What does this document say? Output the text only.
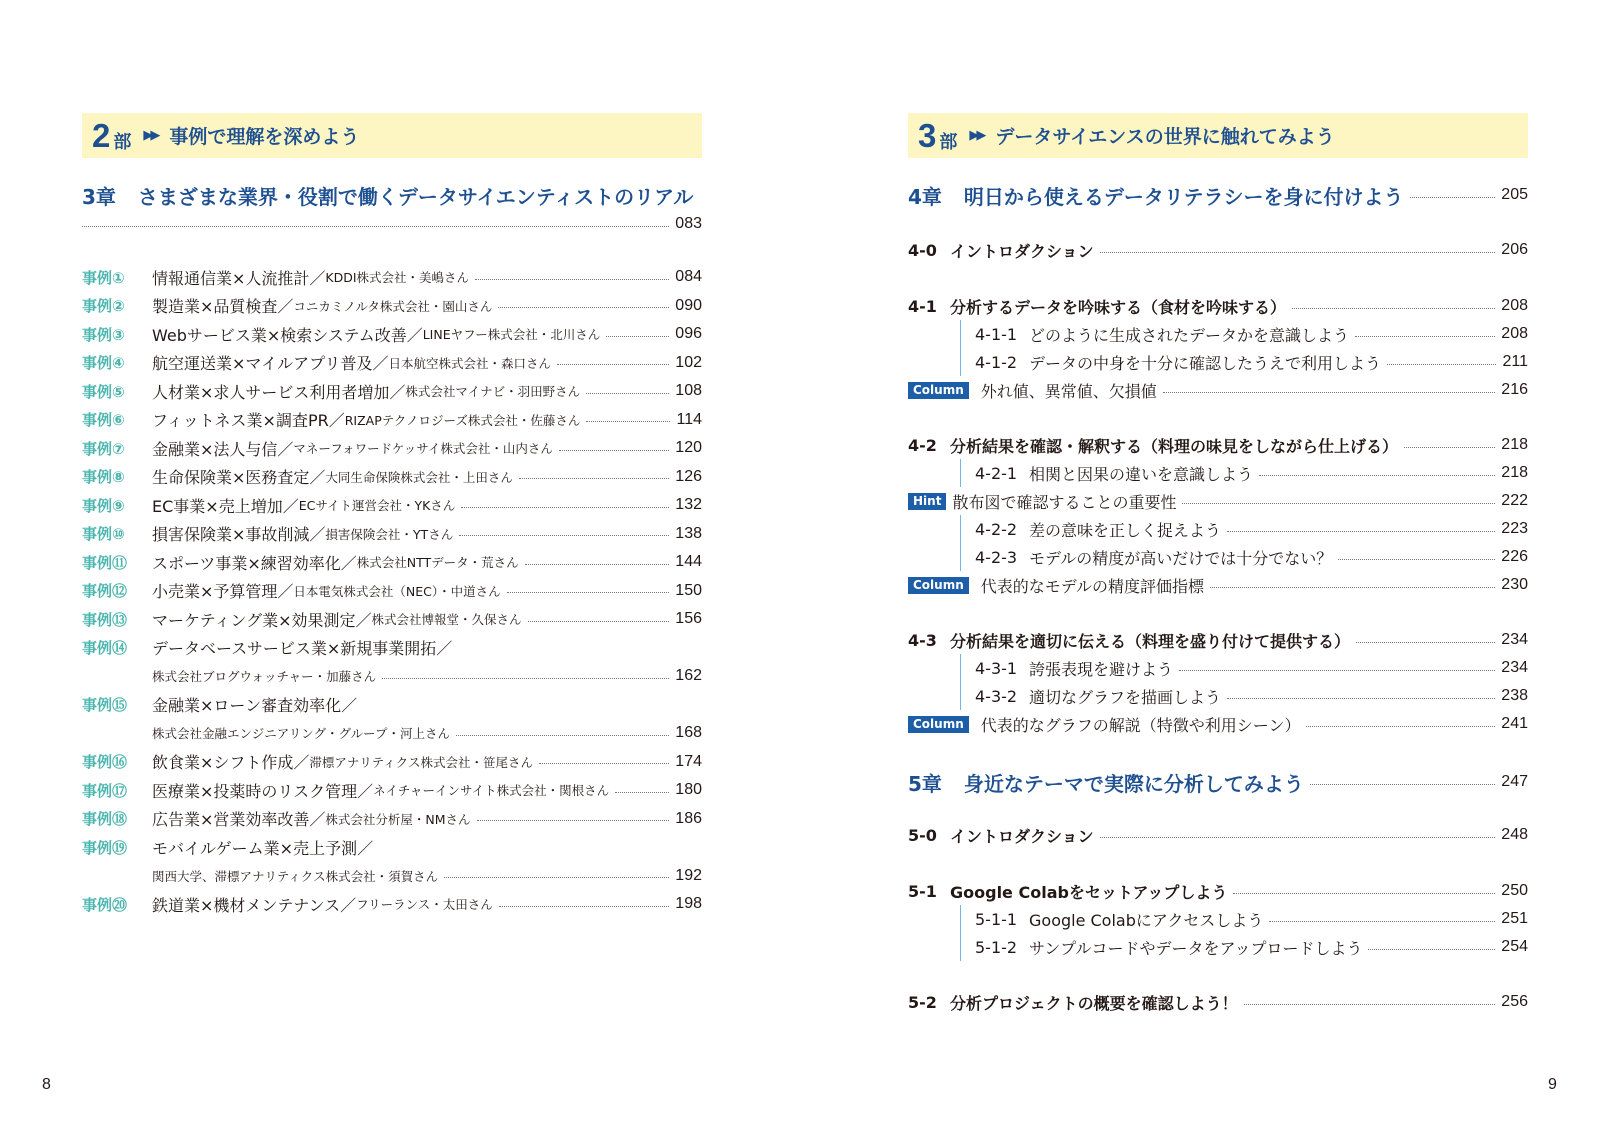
2 部 ▶▶ 事例で理解を深めよう
3章 さまざまな業界・役割で働くデータサイエンティストのリアル
083
事例①	情報通信業×人流推計／ KDDI株式会社・美嶋さん	084
事例②	製造業×品質検査／ コニカミノルタ株式会社・園山さん	090
事例③	Webサービス業×検索システム改善／ LINEヤフー株式会社・北川さん	096
事例④	航空運送業×マイルアプリ普及／ 日本航空株式会社・森口さん	102
事例⑤	人材業×求人サービス利用者増加／ 株式会社マイナビ・羽田野さん	108
事例⑥	フィットネス業×調査PR／ RIZAPテクノロジーズ株式会社・佐藤さん	114
事例⑦	金融業×法人与信／ マネーフォワードケッサイ株式会社・山内さん	120
事例⑧	生命保険業×医務査定／ 大同生命保険株式会社・上田さん	126
事例⑨	EC事業×売上増加／ ECサイト運営会社・YKさん	132
事例⑩	損害保険業×事故削減／ 損害保険会社・YTさん	138
事例⑪	スポーツ事業×練習効率化／ 株式会社NTTデータ・荒さん	144
事例⑫	小売業×予算管理／ 日本電気株式会社（NEC）・中道さん	150
事例⑬	マーケティング業×効果測定／ 株式会社博報堂・久保さん	156
事例⑭	データベースサービス業×新規事業開拓／
株式会社ブログウォッチャー・加藤さん	162
事例⑮	金融業×ローン審査効率化／
株式会社金融エンジニアリング・グループ・河上さん	168
事例⑯	飲食業×シフト作成／ 滞標アナリティクス株式会社・笹尾さん	174
事例⑰	医療業×投薬時のリスク管理／ ネイチャーインサイト株式会社・関根さん	180
事例⑱	広告業×営業効率改善／ 株式会社分析屋・NMさん	186
事例⑲	モバイルゲーム業×売上予測／
関西大学、滞標アナリティクス株式会社・須賀さん	192
事例⑳	鉄道業×機材メンテナンス／ フリーランス・太田さん	198
8
3 部 ▶▶ データサイエンスの世界に触れてみよう
4章 明日から使えるデータリテラシーを身に付けよう	205
4-0 イントロダクション	206
4-1 分析するデータを吟味する（食材を吟味する）	208
4-1-1 どのように生成されたデータかを意識しよう	208
4-1-2 データの中身を十分に確認したうえで利用しよう	211
Column	外れ値、異常値、欠損値	216
4-2 分析結果を確認・解釈する（料理の味見をしながら仕上げる）	218
4-2-1 相関と因果の違いを意識しよう	218
Hint 散布図で確認することの重要性	222
4-2-2 差の意味を正しく捉えよう	223
4-2-3 モデルの精度が高いだけでは十分でない？	226
Column	代表的なモデルの精度評価指標	230
4-3 分析結果を適切に伝える（料理を盛り付けて提供する）	234
4-3-1 誇張表現を避けよう	234
4-3-2 適切なグラフを描画しよう	238
Column	代表的なグラフの解説（特徴や利用シーン）	241
5章 身近なテーマで実際に分析してみよう	247
5-0 イントロダクション	248
5-1 Google Colabをセットアップしよう	250
5-1-1 Google Colabにアクセスしよう	251
5-1-2 サンプルコードやデータをアップロードしよう	254
5-2 分析プロジェクトの概要を確認しよう！	256
9
